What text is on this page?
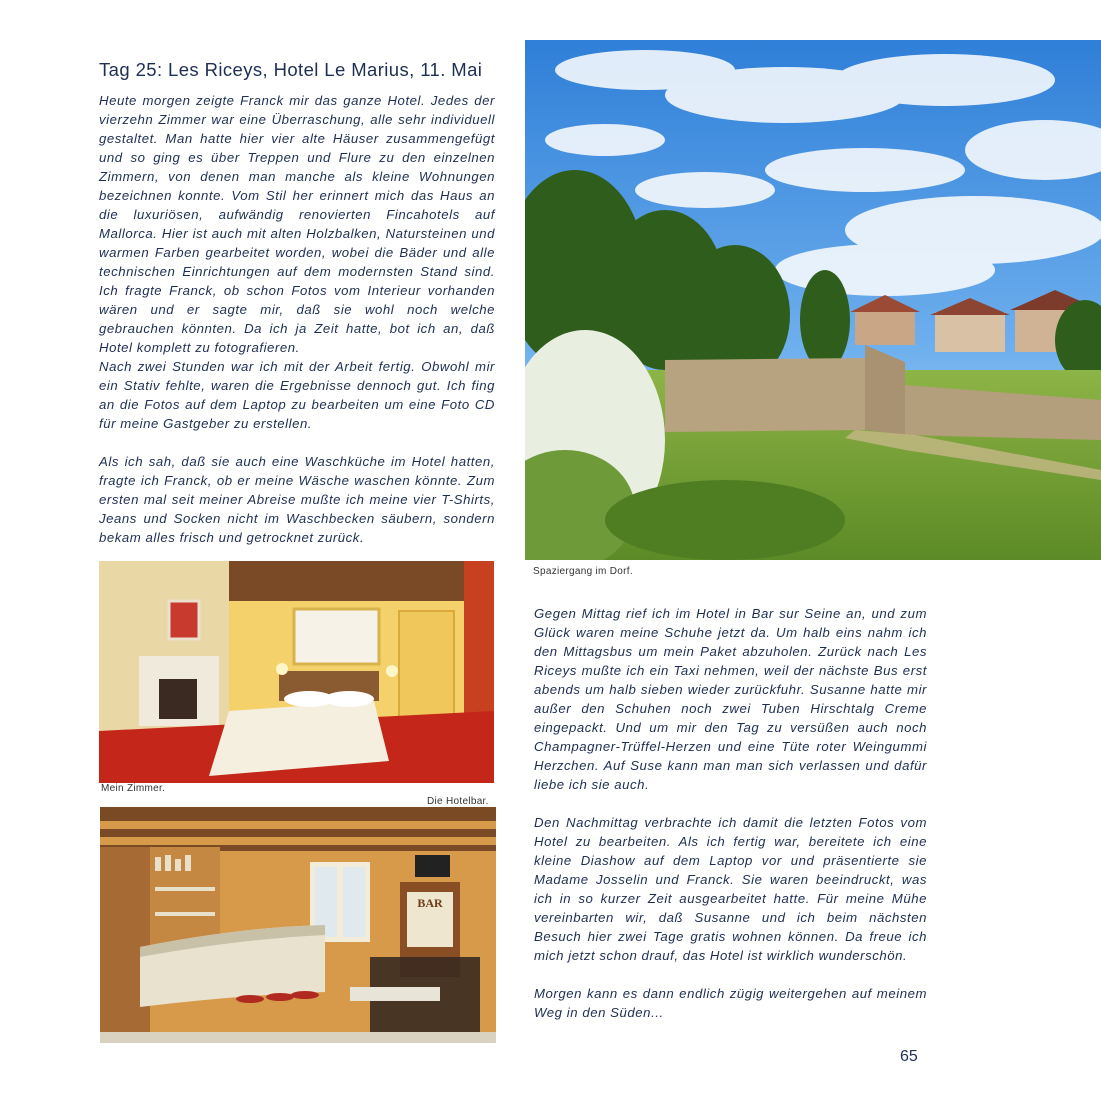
Tag 25: Les Riceys, Hotel Le Marius, 11. Mai

Heute morgen zeigte Franck mir das ganze Hotel. Jedes der vierzehn Zimmer war eine Überraschung, alle sehr individuell gestaltet. Man hatte hier vier alte Häuser zusammengefügt und so ging es über Treppen und Flure zu den einzelnen Zimmern, von denen man manche als kleine Wohnungen bezeichnen konnte. Vom Stil her erinnert mich das Haus an die luxuriösen, aufwändig renovierten Fincahotels auf Mallorca. Hier ist auch mit alten Holzbalken, Natursteinen und warmen Farben gearbeitet worden, wobei die Bäder und alle technischen Einrichtungen auf dem modernsten Stand sind. Ich fragte Franck, ob schon Fotos vom Interieur vorhanden wären und er sagte mir, daß sie wohl noch welche gebrauchen könnten. Da ich ja Zeit hatte, bot ich an, daß Hotel komplett zu fotografieren.

Nach zwei Stunden war ich mit der Arbeit fertig. Obwohl mir ein Stativ fehlte, waren die Ergebnisse dennoch gut. Ich fing an die Fotos auf dem Laptop zu bearbeiten um eine Foto CD für meine Gastgeber zu erstellen.

Als ich sah, daß sie auch eine Waschküche im Hotel hatten, fragte ich Franck, ob er meine Wäsche waschen könnte. Zum ersten mal seit meiner Abreise mußte ich meine vier T-Shirts, Jeans und Socken nicht im Waschbecken säubern, sondern bekam alles frisch und getrocknet zurück.

Spaziergang im Dorf.
Mein Zimmer.
Die Hotelbar.
BAR

Gegen Mittag rief ich im Hotel in Bar sur Seine an, und zum Glück waren meine Schuhe jetzt da. Um halb eins nahm ich den Mittagsbus um mein Paket abzuholen. Zurück nach Les Riceys mußte ich ein Taxi nehmen, weil der nächste Bus erst abends um halb sieben wieder zurückfuhr. Susanne hatte mir außer den Schuhen noch zwei Tuben Hirschtalg Creme eingepackt. Und um mir den Tag zu versüßen auch noch Champagner-Trüffel-Herzen und eine Tüte roter Weingummi Herzchen. Auf Suse kann man man sich verlassen und dafür liebe ich sie auch.

Den Nachmittag verbrachte ich damit die letzten Fotos vom Hotel zu bearbeiten. Als ich fertig war, bereitete ich eine kleine Diashow auf dem Laptop vor und präsentierte sie Madame Josselin und Franck. Sie waren beeindruckt, was ich in so kurzer Zeit ausgearbeitet hatte. Für meine Mühe vereinbarten wir, daß Susanne und ich beim nächsten Besuch hier zwei Tage gratis wohnen können. Da freue ich mich jetzt schon drauf, das Hotel ist wirklich wunderschön.

Morgen kann es dann endlich zügig weitergehen auf meinem Weg in den Süden...

65
